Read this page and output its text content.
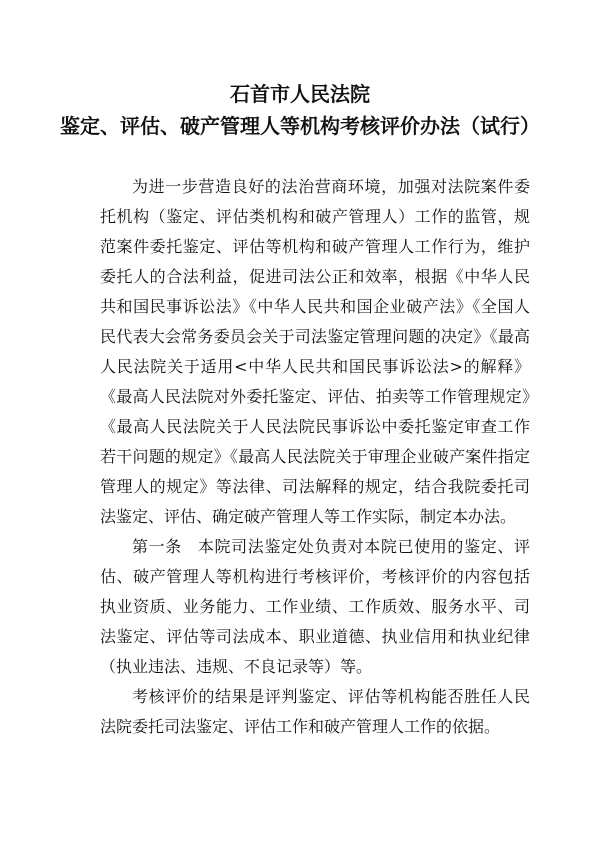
石首市人民法院
鉴定、评估、破产管理人等机构考核评价办法（试行）

为进一步营造良好的法治营商环境，加强对法院案件委托机构（鉴定、评估类机构和破产管理人）工作的监管，规范案件委托鉴定、评估等机构和破产管理人工作行为，维护委托人的合法利益，促进司法公正和效率，根据《中华人民共和国民事诉讼法》《中华人民共和国企业破产法》《全国人民代表大会常务委员会关于司法鉴定管理问题的决定》《最高人民法院关于适用<中华人民共和国民事诉讼法>的解释》《最高人民法院对外委托鉴定、评估、拍卖等工作管理规定》《最高人民法院关于人民法院民事诉讼中委托鉴定审查工作若干问题的规定》《最高人民法院关于审理企业破产案件指定管理人的规定》等法律、司法解释的规定，结合我院委托司法鉴定、评估、确定破产管理人等工作实际，制定本办法。

第一条 本院司法鉴定处负责对本院已使用的鉴定、评估、破产管理人等机构进行考核评价，考核评价的内容包括执业资质、业务能力、工作业绩、工作质效、服务水平、司法鉴定、评估等司法成本、职业道德、执业信用和执业纪律（执业违法、违规、不良记录等）等。

考核评价的结果是评判鉴定、评估等机构能否胜任人民法院委托司法鉴定、评估工作和破产管理人工作的依据。
